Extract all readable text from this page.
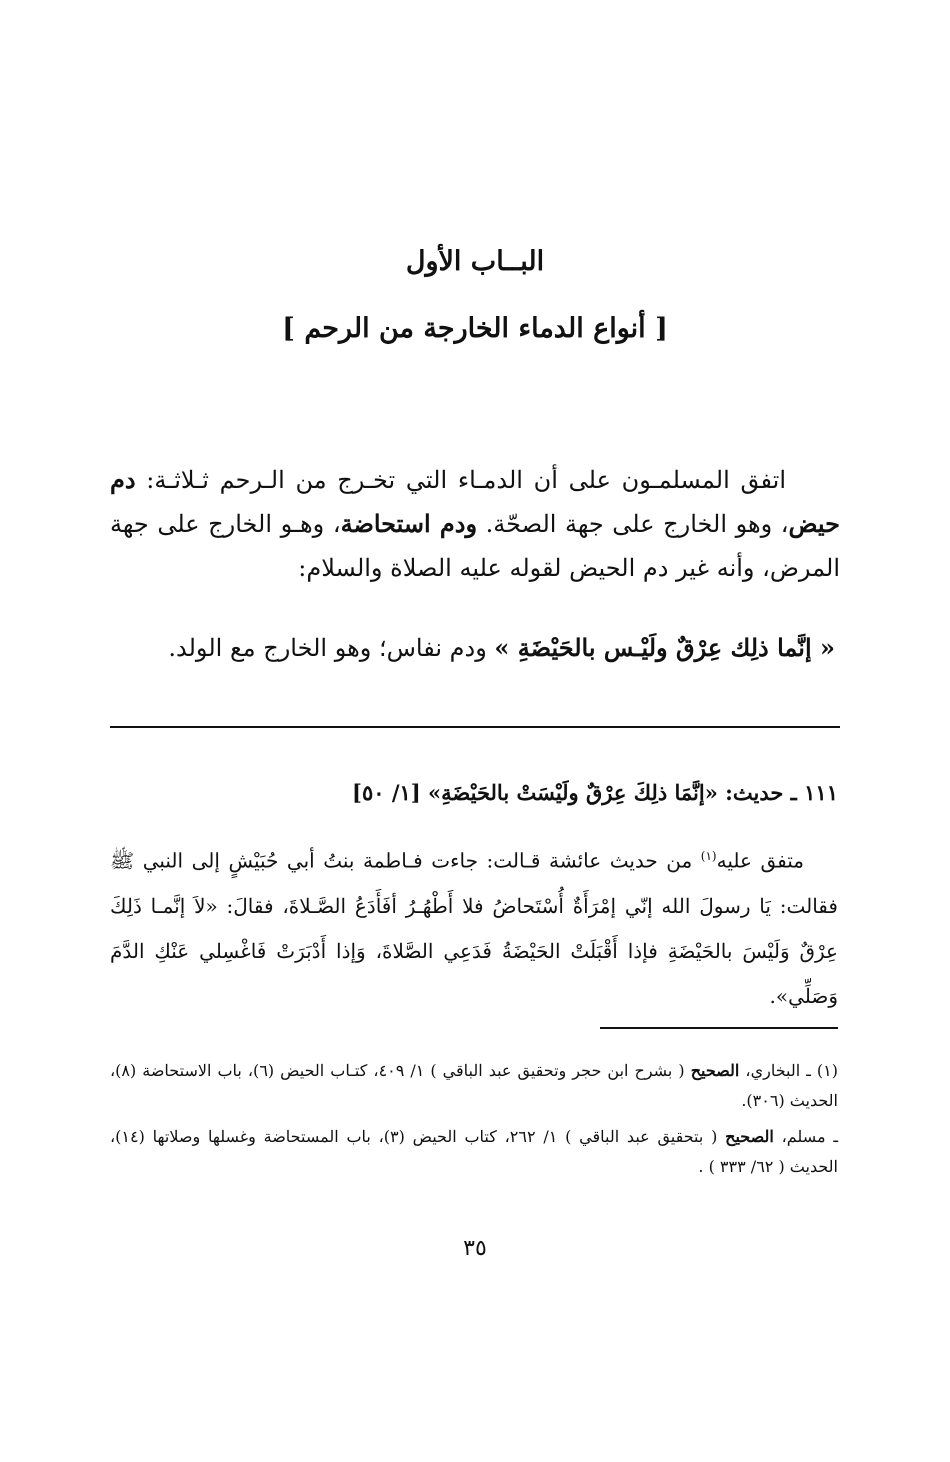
البــاب الأول
[ أنواع الدماء الخارجة من الرحم ]

اتفق المسلمـون على أن الدمـاء التي تخـرج من الـرحم ثـلاثـة: دم حيض، وهو الخارج على جهة الصحّة. ودم استحاضة، وهـو الخارج على جهة المرض، وأنه غير دم الحيض لقوله عليه الصلاة والسلام:

« إنَّما ذلِك عِرْقٌ ولَيْـس بالحَيْضَةِ » ودم نفاس؛ وهو الخارج مع الولد.

١١١ ـ حديث: «إنَّمَا ذلِكَ عِرْقٌ ولَيْسَتْ بالحَيْضَةِ» [١/ ٥٠]

متفق عليه$^{(١)}$ من حديث عائشة قـالت: جاءت فـاطمة بنتُ أبي حُبَيْشٍ إلى النبي ﷺ فقالت: يَا رسولَ الله إنّي إمْرَأَةٌ أُسْتَحاضُ فلا أَطْهُـرُ أفَأَدَعُ الصَّـلاةَ، فقالَ: «لاَ إنَّمـا ذَلِكَ عِرْقٌ وَلَيْسَ بالحَيْضَةِ فإذا أَقْبَلَتْ الحَيْضَةُ فَدَعِي الصَّلاةَ، وَإذا أَدْبَرَتْ فَاغْسِلي عَنْكِ الدَّمَ وَصَلِّي».

(١) ـ البخاري، الصحيح ( بشرح ابن حجر وتحقيق عبد الباقي ) ١/ ٤٠٩، كتـاب الحيض (٦)، باب الاستحاضة (٨)، الحديث (٣٠٦).

ـ مسلم، الصحيح ( بتحقيق عبد الباقي ) ١/ ٢٦٢، كتاب الحيض (٣)، باب المستحاضة وغسلها وصلاتها (١٤)، الحديث ( ٦٢/ ٣٣٣ ) .

٣٥
